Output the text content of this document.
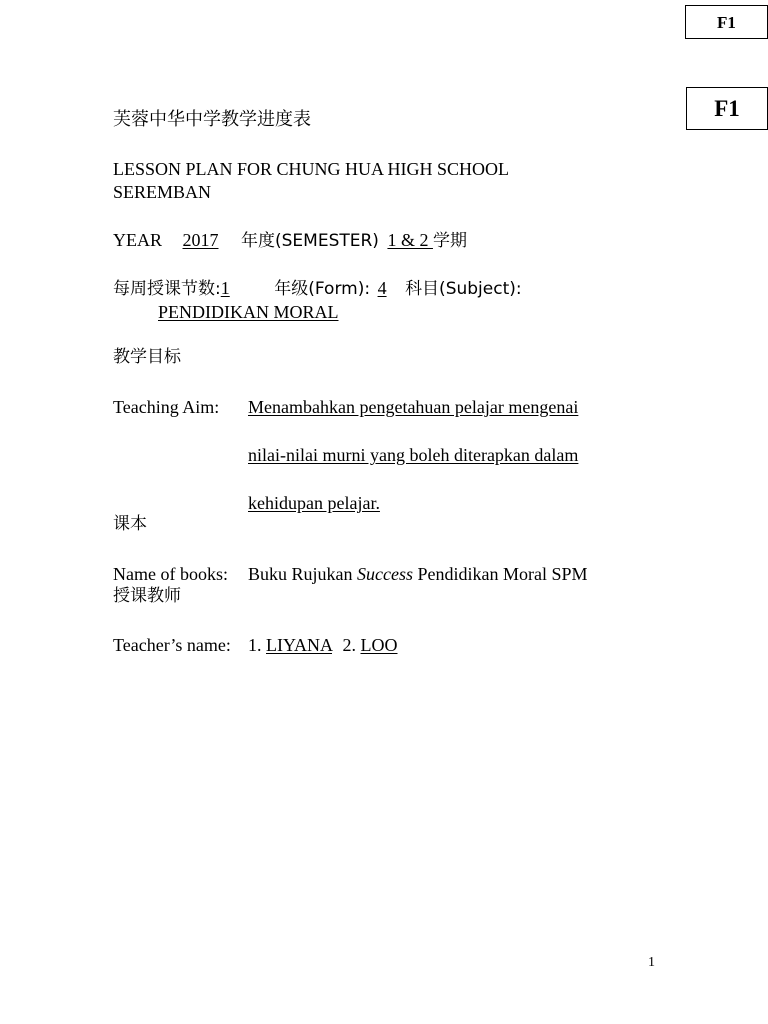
F1
F1
芙蓉中华中学教学进度表
LESSON PLAN FOR CHUNG HUA HIGH SCHOOL
SEREMBAN
YEAR 2017 年度(SEMESTER) 1 & 2 学期
每周授课节数:1	年级(Form): 4 科目(Subject):
PENDIDIKAN MORAL
教学目标
Teaching Aim: Menambahkan pengetahuan pelajar mengenai
nilai-nilai murni yang boleh diterapkan dalam
kehidupan pelajar.
课本
Name of books: Buku Rujukan Success Pendidikan Moral SPM
授课教师
Teacher’s name: 1. LIYANA 2. LOO
1
